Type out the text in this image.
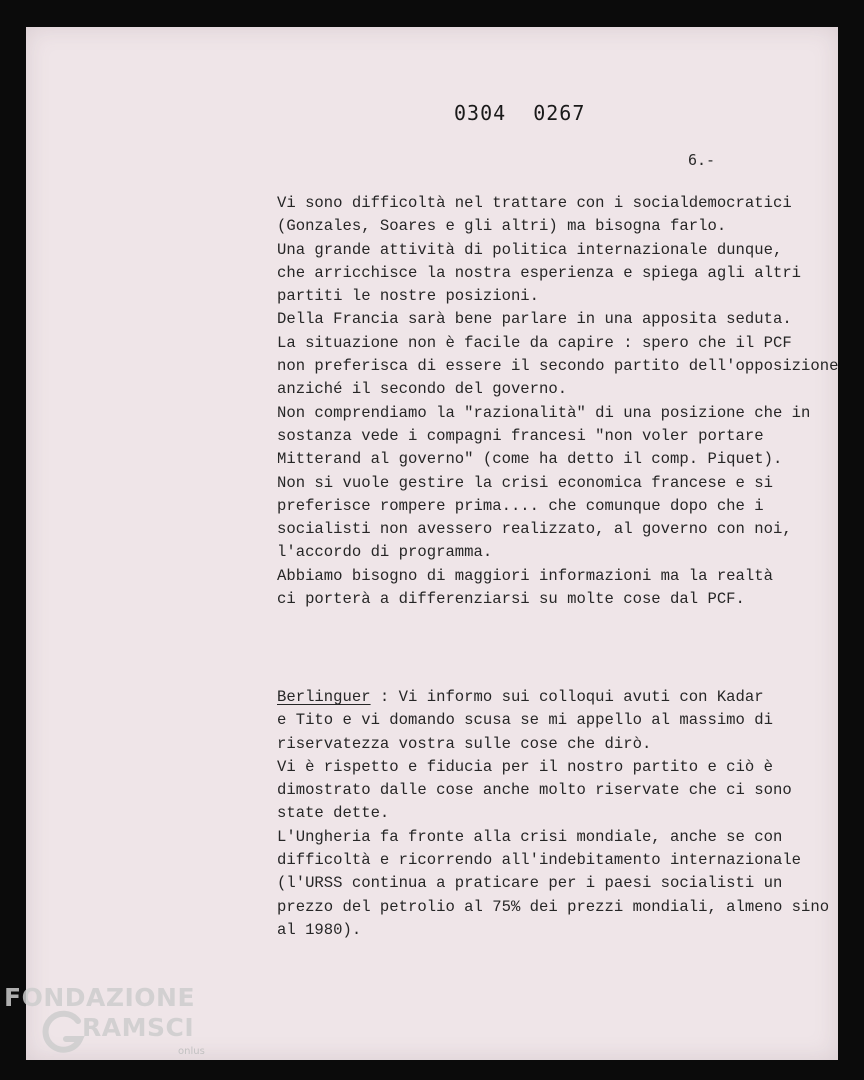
0304 0267
6.-
Vi sono difficoltà nel trattare con i socialdemocratici
(Gonzales, Soares e gli altri) ma bisogna farlo.
Una grande attività di politica internazionale dunque,
che arricchisce la nostra esperienza e spiega agli altri
partiti le nostre posizioni.
Della Francia sarà bene parlare in una apposita seduta.
La situazione non è facile da capire : spero che il PCF
non preferisca di essere il secondo partito dell'opposizione
anziché il secondo del governo.
Non comprendiamo la "razionalità" di una posizione che in
sostanza vede i compagni francesi "non voler portare
Mitterand al governo" (come ha detto il comp. Piquet).
Non si vuole gestire la crisi economica francese e si
preferisce rompere prima.... che comunque dopo che i
socialisti non avessero realizzato, al governo con noi,
l'accordo di programma.
Abbiamo bisogno di maggiori informazioni ma la realtà
ci porterà a differenziarsi su molte cose dal PCF.
Berlinguer : Vi informo sui colloqui avuti con Kadar
e Tito e vi domando scusa se mi appello al massimo di
riservatezza vostra sulle cose che dirò.
Vi è rispetto e fiducia per il nostro partito e ciò è
dimostrato dalle cose anche molto riservate che ci sono
state dette.
L'Ungheria fa fronte alla crisi mondiale, anche se con
difficoltà e ricorrendo all'indebitamento internazionale
(l'URSS continua a praticare per i paesi socialisti un
prezzo del petrolio al 75% dei prezzi mondiali, almeno sino
al 1980).
FONDAZIONE
RAMSCI
onlus
